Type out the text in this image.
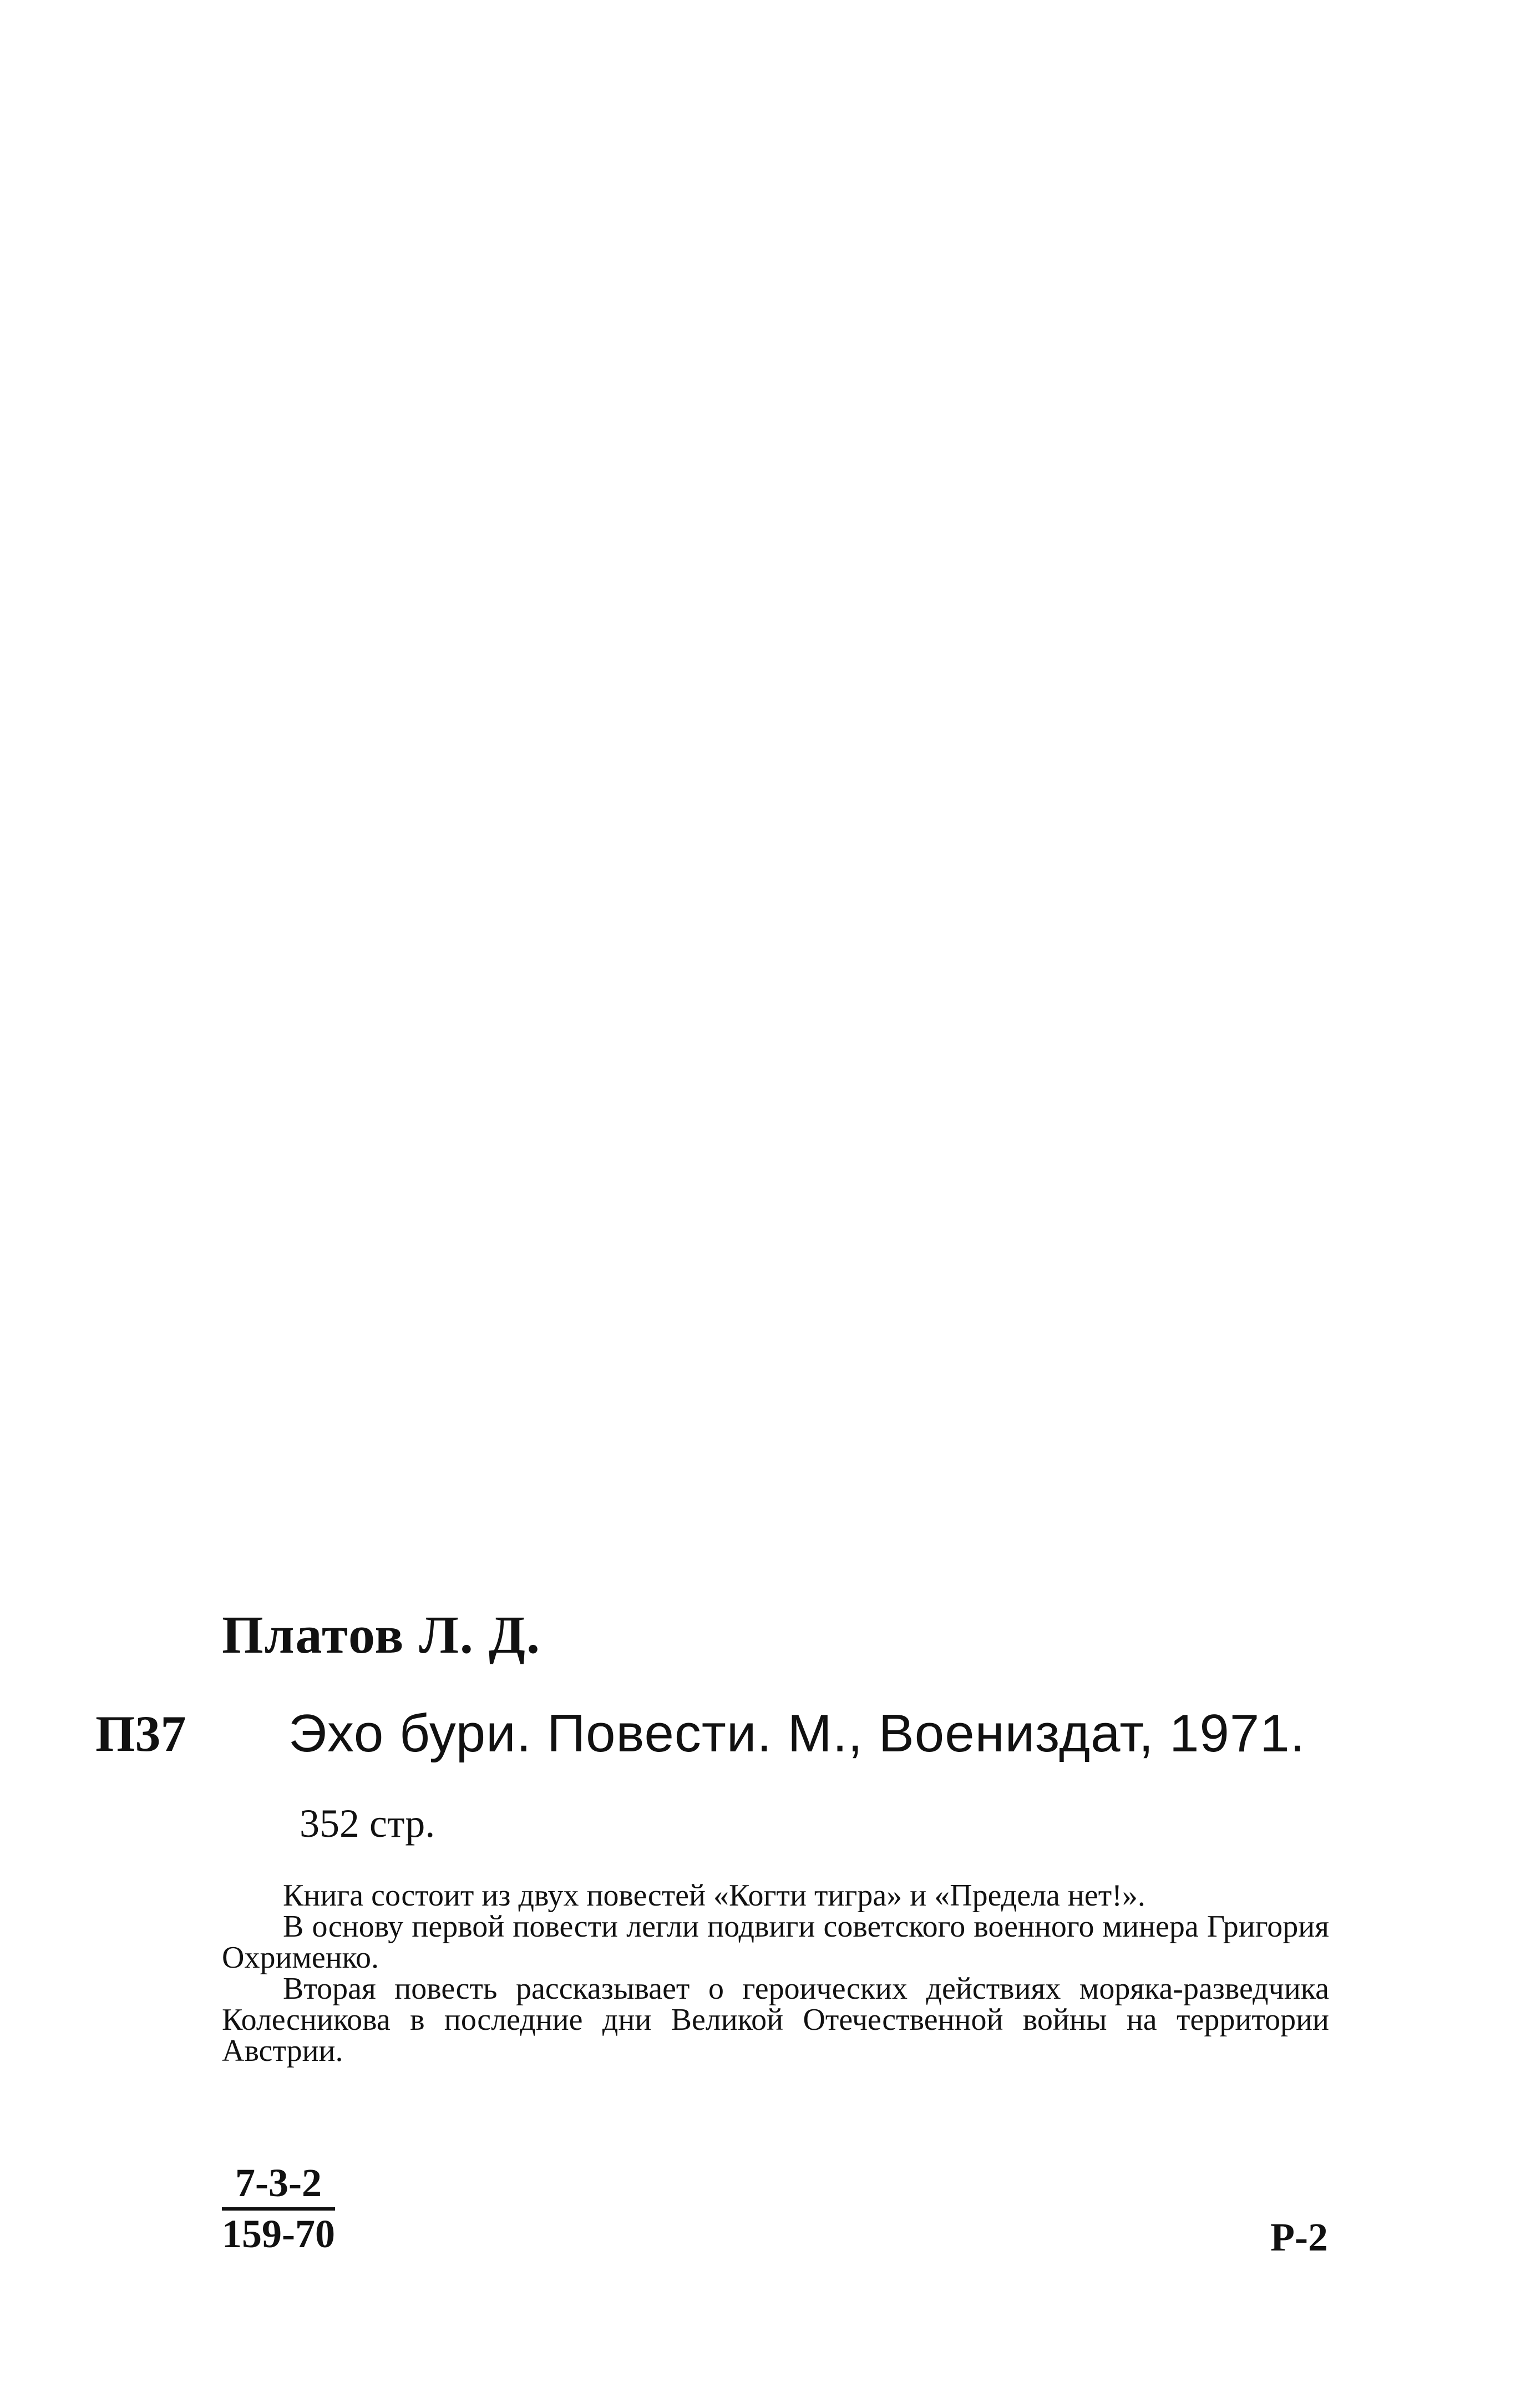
Платов Л. Д.
П37 Эхо бури. Повести. М., Воениздат, 1971.
352 стр.

Книга состоит из двух повестей «Когти тигра» и «Предела нет!».

В основу первой повести легли подвиги советского военного минера Григория Охрименко.

Вторая повесть рассказывает о героических действиях моряка-разведчика Колесникова в последние дни Великой Отечественной войны на территории Австрии.

$\frac{7-3-2}{159-70}$	Р-2
